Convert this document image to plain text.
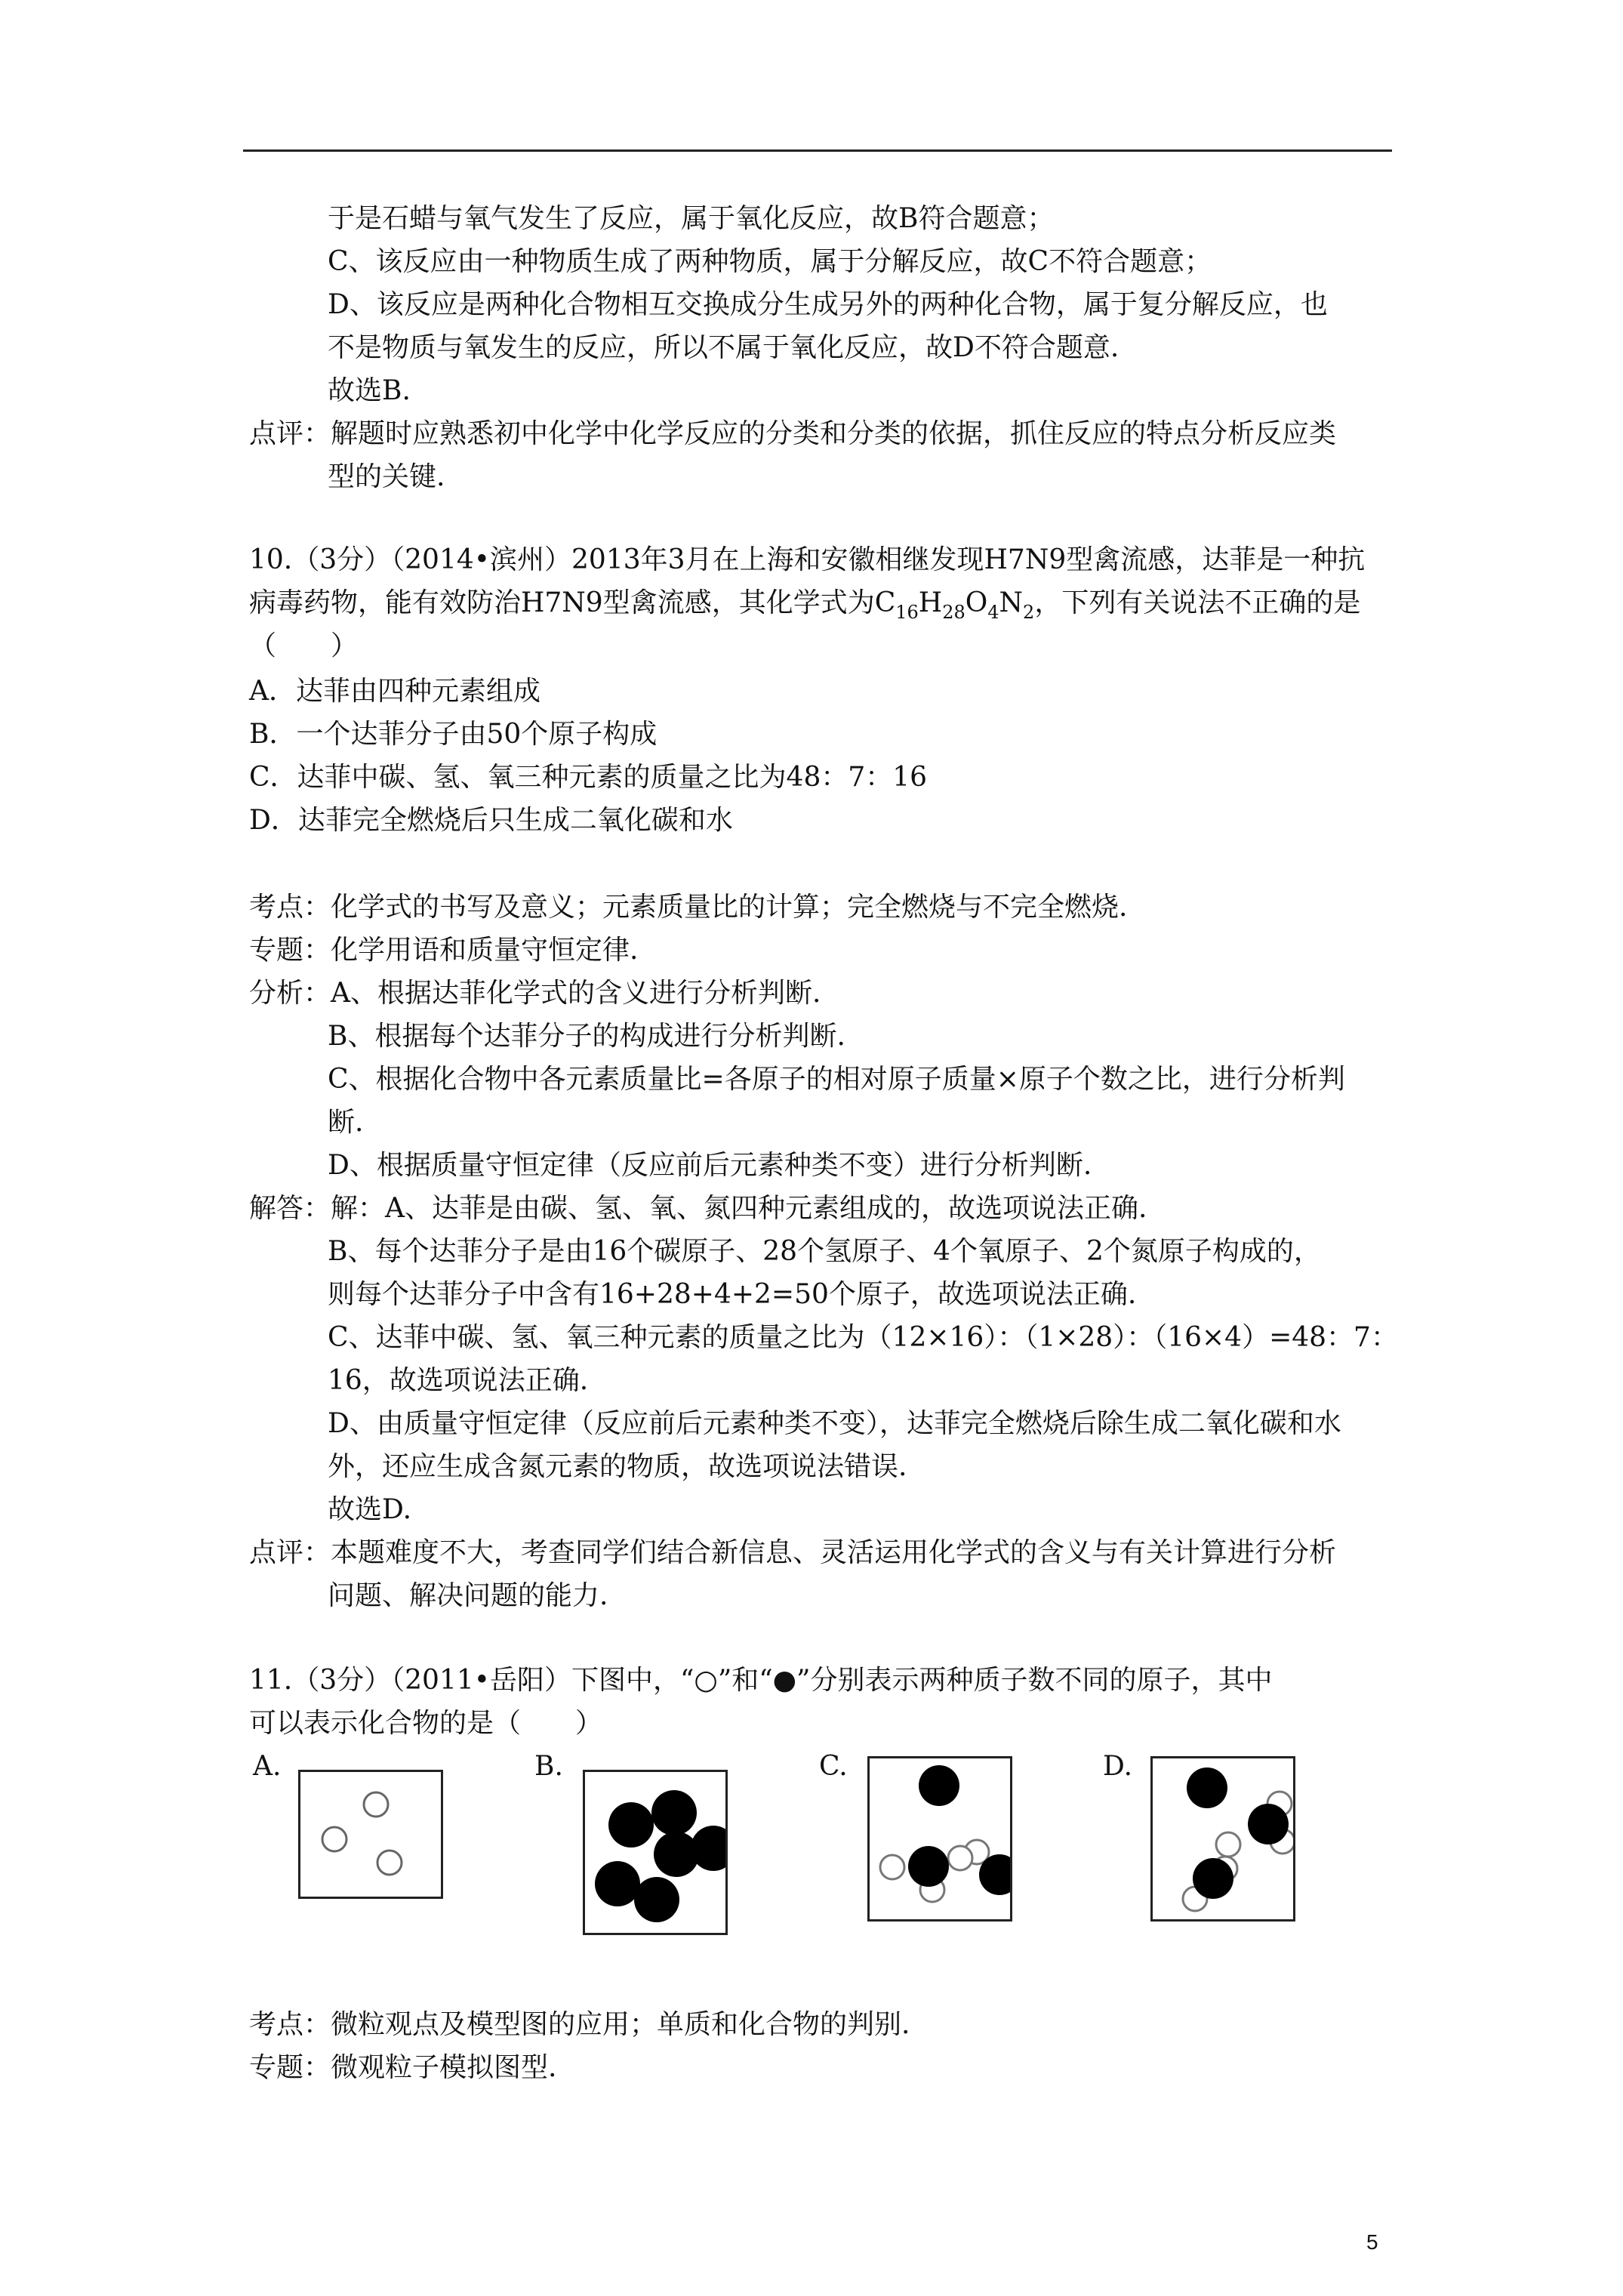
于是石蜡与氧气发生了反应，属于氧化反应，故B符合题意；
C、该反应由一种物质生成了两种物质，属于分解反应，故C不符合题意；
D、该反应是两种化合物相互交换成分生成另外的两种化合物，属于复分解反应，也
不是物质与氧发生的反应，所以不属于氧化反应，故D不符合题意.
故选B.
点评：解题时应熟悉初中化学中化学反应的分类和分类的依据，抓住反应的特点分析反应类
型的关键.
10.（3分）（2014•滨州）2013年3月在上海和安徽相继发现H7N9型禽流感，达菲是一种抗
病毒药物，能有效防治H7N9型禽流感，其化学式为$C_{16}H_{28}O_4N_2$，下列有关说法不正确的是
（　　）
A．达菲由四种元素组成
B．一个达菲分子由50个原子构成
C．达菲中碳、氢、氧三种元素的质量之比为48：7：16
D．达菲完全燃烧后只生成二氧化碳和水
考点：化学式的书写及意义；元素质量比的计算；完全燃烧与不完全燃烧.
专题：化学用语和质量守恒定律.
分析：A、根据达菲化学式的含义进行分析判断.
B、根据每个达菲分子的构成进行分析判断.
C、根据化合物中各元素质量比=各原子的相对原子质量×原子个数之比，进行分析判
断.
D、根据质量守恒定律（反应前后元素种类不变）进行分析判断.
解答：解：A、达菲是由碳、氢、氧、氮四种元素组成的，故选项说法正确.
B、每个达菲分子是由16个碳原子、28个氢原子、4个氧原子、2个氮原子构成的，
则每个达菲分子中含有16+28+4+2=50个原子，故选项说法正确.
C、达菲中碳、氢、氧三种元素的质量之比为（12×16）：（1×28）：（16×4）=48：7：
16，故选项说法正确.
D、由质量守恒定律（反应前后元素种类不变），达菲完全燃烧后除生成二氧化碳和水
外，还应生成含氮元素的物质，故选项说法错误.
故选D.
点评：本题难度不大，考查同学们结合新信息、灵活运用化学式的含义与有关计算进行分析
问题、解决问题的能力.
11.（3分）（2011•岳阳）下图中，“○”和“●”分别表示两种质子数不同的原子，其中
可以表示化合物的是（　　）
A.	B.	C.	D.
考点：微粒观点及模型图的应用；单质和化合物的判别.
专题：微观粒子模拟图型.
5
